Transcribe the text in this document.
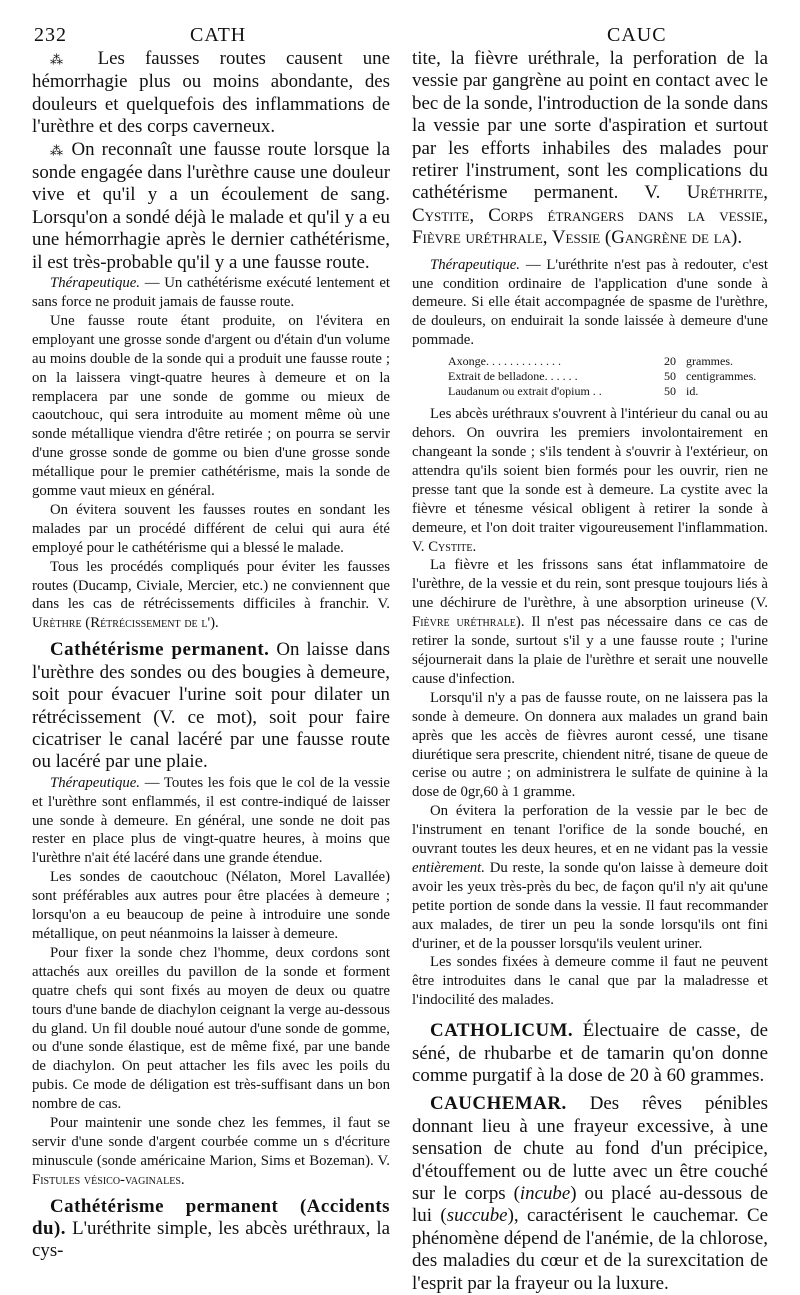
232	CATH	CAUC

⁂ Les fausses routes causent une hémorrhagie plus ou moins abondante, des douleurs et quelquefois des inflammations de l'urèthre et des corps caverneux.

⁂ On reconnaît une fausse route lorsque la sonde engagée dans l'urèthre cause une douleur vive et qu'il y a un écoulement de sang. Lorsqu'on a sondé déjà le malade et qu'il y a eu une hémorrhagie après le dernier cathétérisme, il est très-probable qu'il y a une fausse route.

Thérapeutique. — Un cathétérisme exécuté lentement et sans force ne produit jamais de fausse route.

Une fausse route étant produite, on l'évitera en employant une grosse sonde d'argent ou d'étain d'un volume au moins double de la sonde qui a produit une fausse route ; on la laissera vingt-quatre heures à demeure et on la remplacera par une sonde de gomme ou mieux de caoutchouc, qui sera introduite au moment même où une sonde métallique viendra d'être retirée ; on pourra se servir d'une grosse sonde de gomme ou bien d'une grosse sonde métallique pour le premier cathétérisme, mais la sonde de gomme vaut mieux en général.

On évitera souvent les fausses routes en sondant les malades par un procédé différent de celui qui aura été employé pour le cathétérisme qui a blessé le malade.

Tous les procédés compliqués pour éviter les fausses routes (Ducamp, Civiale, Mercier, etc.) ne conviennent que dans les cas de rétrécissements difficiles à franchir. V. Urèthre (Rétrécissement de l').

Cathétérisme permanent. On laisse dans l'urèthre des sondes ou des bougies à demeure, soit pour évacuer l'urine soit pour dilater un rétrécissement (V. ce mot), soit pour faire cicatriser le canal lacéré par une fausse route ou lacéré par une plaie.

Thérapeutique. — Toutes les fois que le col de la vessie et l'urèthre sont enflammés, il est contre-indiqué de laisser une sonde à demeure. En général, une sonde ne doit pas rester en place plus de vingt-quatre heures, à moins que l'urèthre n'ait été lacéré dans une grande étendue.

Les sondes de caoutchouc (Nélaton, Morel Lavallée) sont préférables aux autres pour être placées à demeure ; lorsqu'on a eu beaucoup de peine à introduire une sonde métallique, on peut néanmoins la laisser à demeure.

Pour fixer la sonde chez l'homme, deux cordons sont attachés aux oreilles du pavillon de la sonde et forment quatre chefs qui sont fixés au moyen de deux ou quatre tours d'une bande de diachylon ceignant la verge au-dessous du gland. Un fil double noué autour d'une sonde de gomme, ou d'une sonde élastique, est de même fixé, par une bande de diachylon. On peut attacher les fils avec les poils du pubis. Ce mode de déligation est très-suffisant dans un bon nombre de cas.

Pour maintenir une sonde chez les femmes, il faut se servir d'une sonde d'argent courbée comme un s d'écriture minuscule (sonde américaine Marion, Sims et Bozeman). V. Fistules vésico-vaginales.

Cathétérisme permanent (Accidents du). L'uréthrite simple, les abcès uréthraux, la cys-

tite, la fièvre uréthrale, la perforation de la vessie par gangrène au point en contact avec le bec de la sonde, l'introduction de la sonde dans la vessie par une sorte d'aspiration et surtout par les efforts inhabiles des malades pour retirer l'instrument, sont les complications du cathétérisme permanent. V. Uréthrite, Cystite, Corps étrangers dans la vessie, Fièvre uréthrale, Vessie (Gangrène de la).

Thérapeutique. — L'uréthrite n'est pas à redouter, c'est une condition ordinaire de l'application d'une sonde à demeure. Si elle était accompagnée de spasme de l'urèthre, de douleurs, on enduirait la sonde laissée à demeure d'une pommade.

Axonge. . . . . . . . . . . . .	20 grammes.
Extrait de belladone. . . . . .	50 centigrammes.
Laudanum ou extrait d'opium . .	50 id.

Les abcès uréthraux s'ouvrent à l'intérieur du canal ou au dehors. On ouvrira les premiers involontairement en changeant la sonde ; s'ils tendent à s'ouvrir à l'extérieur, on attendra qu'ils soient bien formés pour les ouvrir, rien ne presse tant que la sonde est à demeure. La cystite avec la fièvre et ténesme vésical obligent à retirer la sonde à demeure, et l'on doit traiter vigoureusement l'inflammation. V. Cystite.

La fièvre et les frissons sans état inflammatoire de l'urèthre, de la vessie et du rein, sont presque toujours liés à une déchirure de l'urèthre, à une absorption urineuse (V. Fièvre uréthrale). Il n'est pas nécessaire dans ce cas de retirer la sonde, surtout s'il y a une fausse route ; l'urine séjournerait dans la plaie de l'urèthre et serait une nouvelle cause d'infection.

Lorsqu'il n'y a pas de fausse route, on ne laissera pas la sonde à demeure. On donnera aux malades un grand bain après que les accès de fièvres auront cessé, une tisane diurétique sera prescrite, chiendent nitré, tisane de queue de cerise ou autre ; on administrera le sulfate de quinine à la dose de 0gr,60 à 1 gramme.

On évitera la perforation de la vessie par le bec de l'instrument en tenant l'orifice de la sonde bouché, en ouvrant toutes les deux heures, et en ne vidant pas la vessie entièrement. Du reste, la sonde qu'on laisse à demeure doit avoir les yeux très-près du bec, de façon qu'il n'y ait qu'une petite portion de sonde dans la vessie. Il faut recommander aux malades, de tirer un peu la sonde lorsqu'ils ont fini d'uriner, et de la pousser lorsqu'ils veulent uriner.

Les sondes fixées à demeure comme il faut ne peuvent être introduites dans le canal que par la maladresse et l'indocilité des malades.

CATHOLICUM. Électuaire de casse, de séné, de rhubarbe et de tamarin qu'on donne comme purgatif à la dose de 20 à 60 grammes.

CAUCHEMAR. Des rêves pénibles donnant lieu à une frayeur excessive, à une sensation de chute au fond d'un précipice, d'étouffement ou de lutte avec un être couché sur le corps (incube) ou placé au-dessous de lui (succube), caractérisent le cauchemar. Ce phénomène dépend de l'anémie, de la chlorose, des maladies du cœur et de la surexcitation de l'esprit par la frayeur ou la luxure.
